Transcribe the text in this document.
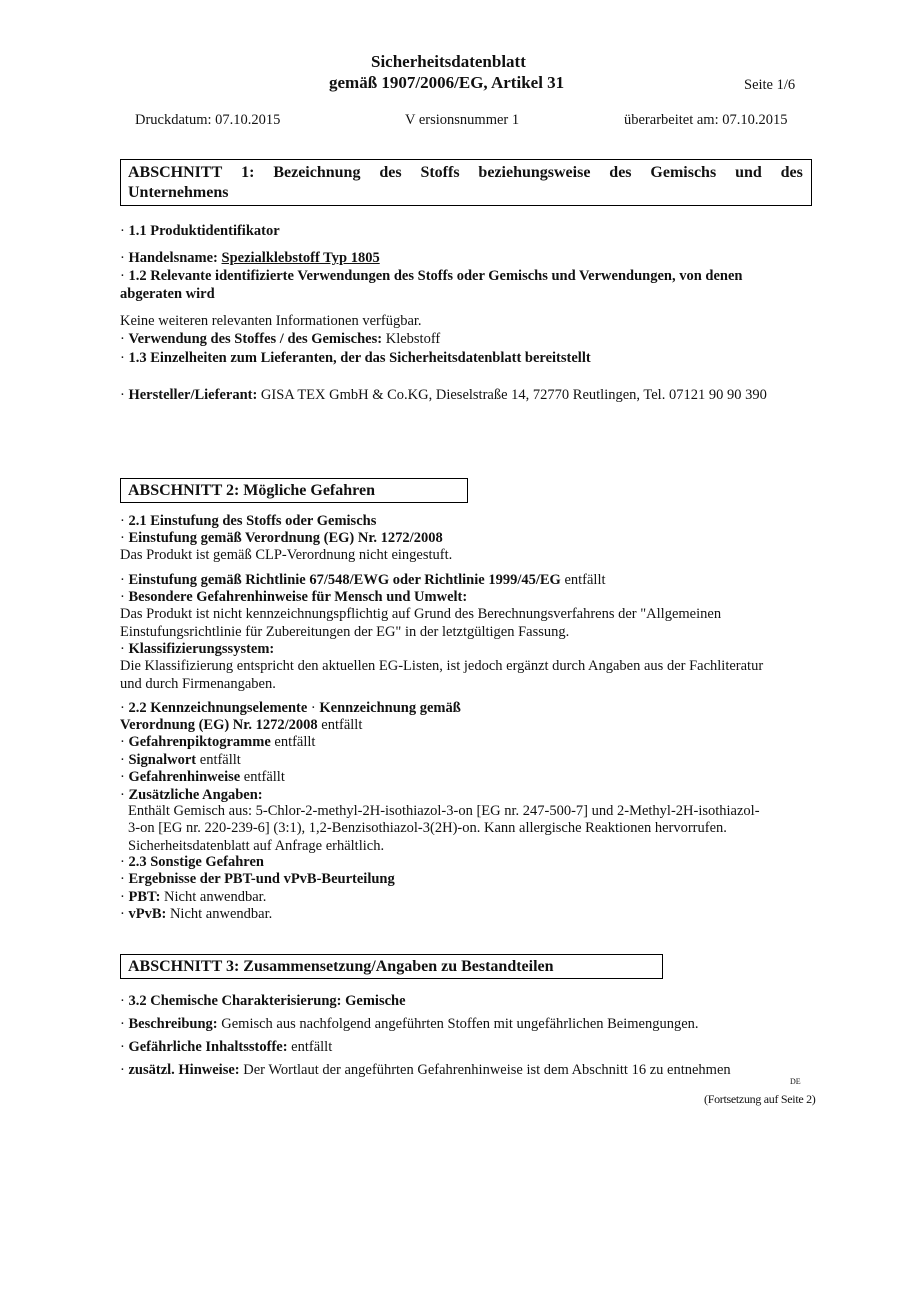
Sicherheitsdatenblatt
gemäß 1907/2006/EG, Artikel 31	Seite 1/6
Druckdatum: 07.10.2015	V ersionsnummer 1	überarbeitet am: 07.10.2015
ABSCHNITT 1: Bezeichnung des Stoffs beziehungsweise des Gemischs und des
Unternehmens
· 1.1 Produktidentifikator
· Handelsname: Spezialklebstoff Typ 1805
· 1.2 Relevante identifizierte Verwendungen des Stoffs oder Gemischs und Verwendungen, von denen
abgeraten wird
Keine weiteren relevanten Informationen verfügbar.
· Verwendung des Stoffes / des Gemisches: Klebstoff
· 1.3 Einzelheiten zum Lieferanten, der das Sicherheitsdatenblatt bereitstellt
· Hersteller/Lieferant: GISA TEX GmbH & Co.KG, Dieselstraße 14, 72770 Reutlingen, Tel. 07121 90 90 390
ABSCHNITT 2: Mögliche Gefahren
· 2.1 Einstufung des Stoffs oder Gemischs
· Einstufung gemäß Verordnung (EG) Nr. 1272/2008
Das Produkt ist gemäß CLP-Verordnung nicht eingestuft.
· Einstufung gemäß Richtlinie 67/548/EWG oder Richtlinie 1999/45/EG entfällt
· Besondere Gefahrenhinweise für Mensch und Umwelt:
Das Produkt ist nicht kennzeichnungspflichtig auf Grund des Berechnungsverfahrens der "Allgemeinen
Einstufungsrichtlinie für Zubereitungen der EG" in der letztgültigen Fassung.
· Klassifizierungssystem:
Die Klassifizierung entspricht den aktuellen EG-Listen, ist jedoch ergänzt durch Angaben aus der Fachliteratur
und durch Firmenangaben.
· 2.2 Kennzeichnungselemente · Kennzeichnung gemäß
Verordnung (EG) Nr. 1272/2008 entfällt
· Gefahrenpiktogramme entfällt
· Signalwort entfällt
· Gefahrenhinweise entfällt
· Zusätzliche Angaben:
Enthält Gemisch aus: 5-Chlor-2-methyl-2H-isothiazol-3-on [EG nr. 247-500-7] und 2-Methyl-2H-isothiazol-
3-on [EG nr. 220-239-6] (3:1), 1,2-Benzisothiazol-3(2H)-on. Kann allergische Reaktionen hervorrufen.
Sicherheitsdatenblatt auf Anfrage erhältlich.
· 2.3 Sonstige Gefahren
· Ergebnisse der PBT-und vPvB-Beurteilung
· PBT: Nicht anwendbar.
· vPvB: Nicht anwendbar.
ABSCHNITT 3: Zusammensetzung/Angaben zu Bestandteilen
· 3.2 Chemische Charakterisierung: Gemische
· Beschreibung: Gemisch aus nachfolgend angeführten Stoffen mit ungefährlichen Beimengungen.
· Gefährliche Inhaltsstoffe: entfällt
· zusätzl. Hinweise: Der Wortlaut der angeführten Gefahrenhinweise ist dem Abschnitt 16 zu entnehmen
DE
(Fortsetzung auf Seite 2)
